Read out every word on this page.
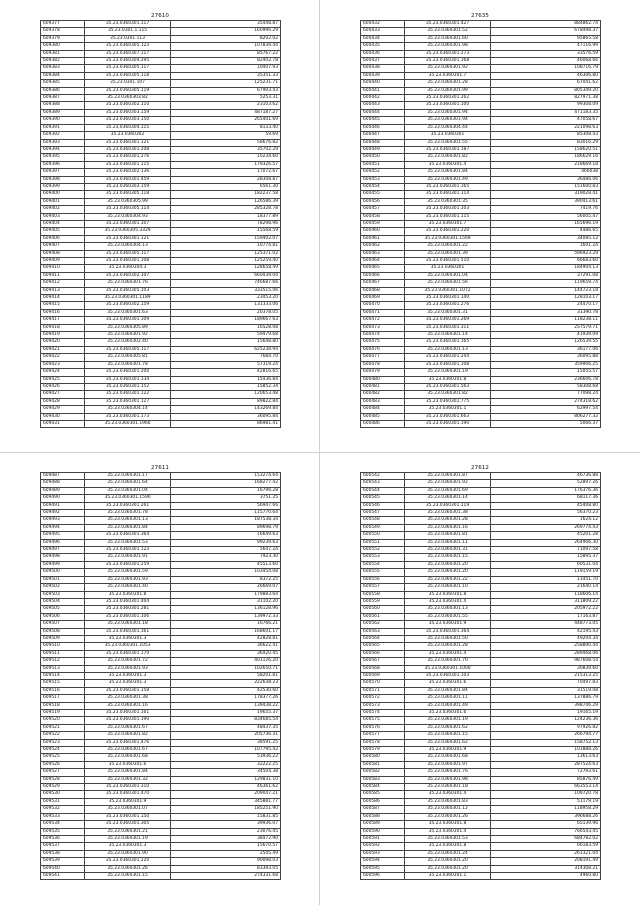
27610
609377	35.23.0360301.117	35448.87
609378	35.23.0301.1.115	160996.29
609379	35.23.0301.113	8202.02
609380	35.23.0360305.123	107839.44
609381	35.23.0360307.117	85767.22
609382	35.23.0360304.295	82402.78
609383	35.23.0360305.117	10407.93
609384	35.23.0360305.118	35351.33
609385	35.23.0301.107	125231.71
609386	35.23.0360305.119	67903.43
609387	35.23.0360303.82	5253.31
609388	35.23.0360302.110	23103.62
609389	35.23.0360303.159	487187.27
609390	35.23.0360303.150	265401.69
609391	35.23.0360304.115	8133.40
609392	35.23.0360302	59.69
609393	35.23.0360301.121	58676.82
609394	35.23.0360301.208	35702.29
609395	35.23.0360301.276	10234.60
609396	35.23.0360301.115	179326.57
609397	35.23.0360302.136	17072.67
609398	35.23.0360301.459	28308.87
609399	35.23.0360303.159	6561.30
609400	35.23.0360305.118	182237.58
609401	35.23.0360305.99	126586.39
609402	35.23.0360305.114	285328.78
609403	35.23.0360304.93	18377.89
609404	35.23.0360301.107	78298.96
609405	35.23.0360305.3329	15568.59
609406	35.23.0360301.121	159402.07
609407	35.23.0360304.13	10774.81
609408	35.23.0360305.117	125371.02
609409	35.23.0360301.108	125259.40
609410	35.23.0360304.3	128658.49
609411	35.23.0360302.107	660439.04
609412	35.23.0360301.76	746687.66
609413	35.23.0360305.103	333515.06
609414	35.23.0360301.1189	23453.20
609415	35.23.0360302.159	131333.06
609416	35.23.0360301.63	20378.05
609417	35.23.0360301.109	189667.63
609418	35.23.0360305.89	16528.08
609419	35.23.0360301.92	59479.68
609420	35.23.0360302.40	15648.80
609421	35.23.0360305.117	625238.94
609422	35.23.0360305.81	7684.70
609423	35.23.0360301.78	57319.24
609424	35.23.0360301.200	42816.65
609425	35.23.0360301.134	15436.84
609426	35.23.0360301.152	15852.34
609427	35.23.0360301.122	120653.48
609428	35.23.0360301.127	89822.84
609429	35.23.0360304.14	143269.84
609430	35.23.0360301.173	36095.84
609431	35.23.0360301.1966	86981.41
27635
600432	35.23.0360301.427	884862.74
600433	35.23.0360301.52	678498.37
600434	35.23.0360301.60	95865.58
600435	35.23.0360301.98	47116.99
600436	35.23.0360301.273	33576.59
600437	35.23.0360301.168	46068.66
600438	35.23.0360301.92	108716.79
600439	35.23.0360301.7	46306.80
600440	35.23.0360301.28	67041.62
600441	35.23.0360301.99	805349.20
600442	35.23.0360301.262	827971.38
600443	35.23.0360301.100	99308.09
600444	35.23.0360301.94	471183.35
600445	35.23.0360301.94	47058.67
600446	35.23.0360304.44	221098.63
600447	35.23.0360301	85308.43
600448	35.23.0360301.55	83016.29
600449	35.23.0360301.187	158620.51
600450	35.23.0360301.82	186629.16
600451	35.23.0360301.4	218669.18
600452	35.23.0360301.84	466038
600453	35.23.0360301.49	36486.06
600454	35.23.0360301.165	151600.83
600455	35.23.0360301.114	319028.41
600456	35.23.0360301.35	390413.61
600457	35.23.0360301.103	7419.76
600458	35.23.0360301.115	56005.47
600459	35.23.0360301.7	165696.19
600460	35.23.0360301.220	4486.65
600461	35.23.0360301.1569	34085.12
600462	35.23.0360301.22	1601.24
600463	35.23.0360301.39	596923.29
600464	35.23.0360301.510	66683.60
600465	35.23.0360301	184904.13
600466	35.23.0360301.04	37291.08
600467	35.23.0360301.56	119659.74
600468	35.23.0360301.1072	144723.18
600469	35.23.0360301.140	128103.17
600470	35.23.0360301.276	24470.17
600471	35.23.0360301.31	31390.78
600472	35.23.0360301.269	118238.11
600473	35.23.0360301.311	257579.71
600474	35.23.0360301.14	41939.09
600475	35.23.0360301.165	126539.55
600476	35.23.0360301.13	36177.06
600477	35.23.0360301.244	36095.88
600478	35.23.0360301.108	359906.25
600479	35.23.0360301.19	15055.57
600480	35.23.0360301.8	236606.78
600481	35.23.0360301.563	58308.68
600482	35.23.0360301.82	77098.24
600483	35.23.0360301.775	274318.62
600484	35.23.0360301.1	62997.54
600485	35.23.0360301.663	806277.32
600486	35.23.0360301.190	5066.37
27611
609487	35.23.0360301.17	153274.64
609488	35.23.0360301.64	168277.42
609489	35.23.0360301.04	16796.28
609490	35.23.0360301.1590	3751.25
609491	35.23.0360301.261	56947.66
609492	35.23.0360301.78	115770.64
609493	35.23.0360301.13	187538.34
609494	35.23.0360301.84	89698.79
609495	35.23.0360301.364	16649.63
609496	35.23.0360301.53	99239.63
609497	35.23.0360301.123	5647.24
609498	35.23.0360301.91	7923.30
609499	35.23.0360301.259	45513.60
609500	35.23.0360301.59	103454.08
609501	35.23.0360301.93	8372.25
609502	35.23.0360301.40	26669.07
609503	35.23.0360301.8	179883.64
609504	35.23.0360301.404	31102.20
609505	35.23.0360301.281	136128.96
609506	35.23.0360301.106	139972.33
609507	35.23.0360301.18	16766.21
609508	35.23.0360301.161	168601.17
609509	35.23.0360301.3	42828.81
609510	35.23.0360301.1053	36622.41
609511	35.23.0360301.170	36420.45
609512	35.23.0360301.72	401126.20
609513	35.23.0360301.93	102650.71
609514	35.23.0360301.3	58201.81
609515	35.23.0360301.3	222638.23
609516	35.23.0360301.158	42530.60
609517	35.23.0360301.38	178377.26
609518	35.23.0360301.16	139438.22
609519	35.23.0360301.161	19655.37
609520	35.23.0360301.190	834685.54
609521	35.23.0360301.67	48437.35
609522	35.23.0360301.82	205736.31
609523	35.23.0360301.476	38591.25
609524	35.23.0360301.67	107795.42
609525	35.23.0360301.68	53936.22
609526	35.23.0360301.6	32222.25
609527	35.23.0360301.84	34504.38
609528	35.23.0360301.32	129831.10
609529	35.23.0360301.310	46361.62
609530	35.23.0360301.470	209047.21
609531	35.23.0360301.9	345881.77
609532	35.23.0360301.07	185251.90
609533	35.23.0360301.150	15831.85
609534	35.23.0360301.305	39936.07
609535	35.23.0360301.21	23076.45
609536	35.23.0360301.19	38472.90
609537	35.23.0360301.3	15670.57
609538	35.23.0360301.90	2545.49
609539	35.23.0360301.220	90098.03
609540	35.23.0360301.26	83393.05
609541	35.23.0360301.15	274331.68
27612
600542	35.23.0360301.87	46736.88
600543	35.23.0360301.92	52897.26
600544	35.23.0360301.69	176376.36
600545	35.23.0360301.14	68117.36
600546	35.23.0360301.119	45408.80
600547	35.23.0360301.38	56370.23
600548	35.23.0360301.28	1624.12
600549	35.23.0360301.16	269774.43
600550	35.23.0360301.81	45201.28
600551	35.23.0360301.11	264906.30
600552	35.23.0360301.31	71097.58
600553	35.23.0360301.15	15895.37
600554	35.23.0360301.20	60531.04
600555	35.23.0360301.20	119159.19
600556	35.23.0360301.22	11451.70
600557	35.23.0360301.10	21640.14
600558	35.23.0360301.8	118606.14
600559	35.23.0360301.4	311809.22
600560	35.23.0360301.13	205972.22
600561	35.23.0360301.55	17163.87
600562	35.23.0360301.9	448773.05
600563	35.23.0360301.364	42195.43
600564	35.23.0360301.50	49204.34
600565	35.23.0360301.28	258890.44
600566	35.23.0360301.4	289468.06
600567	35.23.0360301.70	987608.54
600568	35.23.0360301.1000	30839.60
600569	35.23.0360301.103	215313.25
600570	35.23.0360301.6	70497.83
600571	35.23.0360301.84	31519.08
600572	35.23.0360301.11	137886.79
600573	35.23.0360301.49	398746.29
600574	35.23.0360301.6	19165.19
600575	35.23.0360301.19	124236.36
600576	35.23.0360301.62	97926.82
600577	35.23.0360301.15	266794.77
600578	35.23.0360301.62	158752.13
600579	35.23.0360301.9	101888.26
600580	35.23.0360301.68	13613.63
600581	35.23.0360301.97	287524.63
600582	35.23.0360301.76	72793.61
600583	35.23.0360301.98	85876.49
600584	35.23.0360301.18	663553.14
600585	35.23.0360301.4	109720.78
600586	35.23.0360301.83	51179.19
600587	35.23.0360301.12	118958.29
600588	35.23.0360301.26	396688.26
600589	35.23.0360301.8	65139.96
600590	35.23.0360301.4	766543.45
600591	35.23.0360301.53	684782.02
600592	35.23.0360301.8	66183.59
600593	35.23.0360301.24	261321.04
600594	35.23.0360301.20	208191.49
600595	35.23.0360301.20	314308.21
600596	35.23.0360301.1	4960.80
